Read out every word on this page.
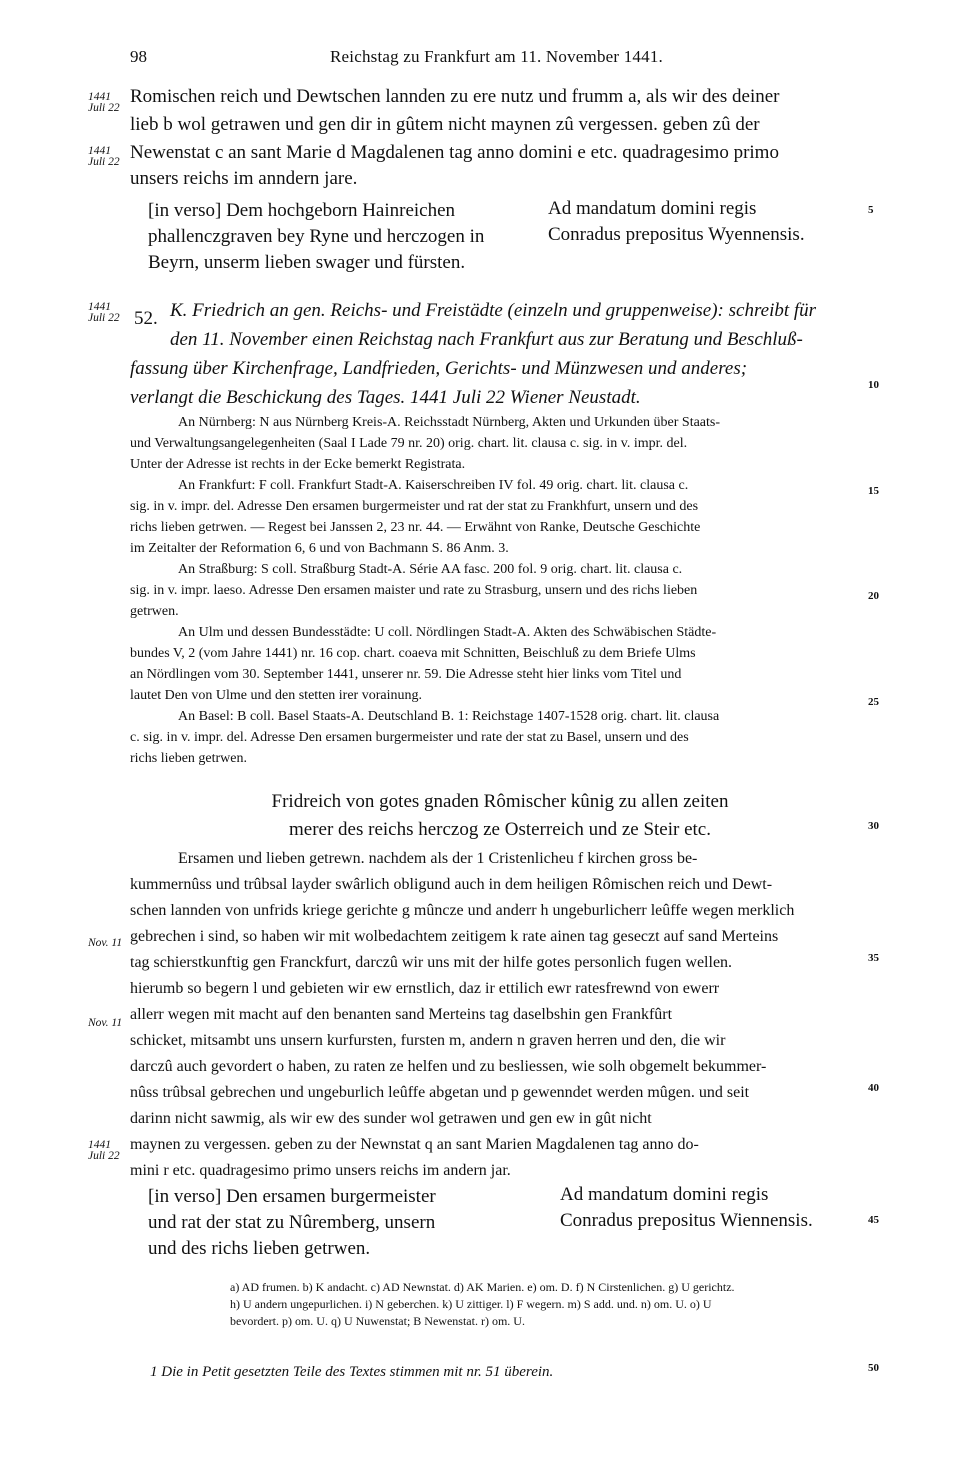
98	Reichstag zu Frankfurt am 11. November 1441.
Romischen reich und Dewtschen lannden zu ere nutz und frumm a, als wir des deiner
lieb b wol getrawen und gen dir in gûtem nicht maynen zû vergessen. geben zû der
Newenstat c an sant Marie d Magdalenen tag anno domini e etc. quadragesimo primo
unsers reichs im anndern jare.
1441
Juli 22
1441
Juli 22
[in verso] Dem hochgeborn Hainreichen
phallenczgraven bey Ryne und herczogen in
Beyrn, unserm lieben swager und fürsten.
Ad mandatum domini regis
Conradus prepositus Wyennensis.
5
10
15
20
25
30
35
40
45
50
1441
Juli 22 52. K. Friedrich an gen. Reichs- und Freistädte (einzeln und gruppenweise): schreibt für
den 11. November einen Reichstag nach Frankfurt aus zur Beratung und Beschluß-
fassung über Kirchenfrage, Landfrieden, Gerichts- und Münzwesen und anderes;
verlangt die Beschickung des Tages. 1441 Juli 22 Wiener Neustadt.
An Nürnberg: N aus Nürnberg Kreis-A. Reichsstadt Nürnberg, Akten und Urkunden über Staats-
und Verwaltungsangelegenheiten (Saal I Lade 79 nr. 20) orig. chart. lit. clausa c. sig. in v. impr. del.
Unter der Adresse ist rechts in der Ecke bemerkt Registrata.
An Frankfurt: F coll. Frankfurt Stadt-A. Kaiserschreiben IV fol. 49 orig. chart. lit. clausa c.
sig. in v. impr. del. Adresse Den ersamen burgermeister und rat der stat zu Frankhfurt, unsern und des
richs lieben getrwen. — Regest bei Janssen 2, 23 nr. 44. — Erwähnt von Ranke, Deutsche Geschichte
im Zeitalter der Reformation 6, 6 und von Bachmann S. 86 Anm. 3.
An Straßburg: S coll. Straßburg Stadt-A. Série AA fasc. 200 fol. 9 orig. chart. lit. clausa c.
sig. in v. impr. laeso. Adresse Den ersamen maister und rate zu Strasburg, unsern und des richs lieben
getrwen.
An Ulm und dessen Bundesstädte: U coll. Nördlingen Stadt-A. Akten des Schwäbischen Städte-
bundes V, 2 (vom Jahre 1441) nr. 16 cop. chart. coaeva mit Schnitten, Beischluß zu dem Briefe Ulms
an Nördlingen vom 30. September 1441, unserer nr. 59. Die Adresse steht hier links vom Titel und
lautet Den von Ulme und den stetten irer vorainung.
An Basel: B coll. Basel Staats-A. Deutschland B. 1: Reichstage 1407-1528 orig. chart. lit. clausa
c. sig. in v. impr. del. Adresse Den ersamen burgermeister und rate der stat zu Basel, unsern und des
richs lieben getrwen.
Fridreich von gotes gnaden Rômischer kûnig zu allen zeiten
merer des reichs herczog ze Osterreich und ze Steir etc.
Nov. 11
Nov. 11
1441
Juli 22
Ersamen und lieben getrewn. nachdem als der 1 Cristenlicheu f kirchen gross be-
kummernûss und trûbsal layder swârlich obligund auch in dem heiligen Rômischen reich und Dewt-
schen lannden von unfrids kriege gerichte g mûncze und anderr h ungeburlicherr leûffe wegen merklich
gebrechen i sind, so haben wir mit wolbedachtem zeitigem k rate ainen tag geseczt auf sand Merteins
tag schierstkunftig gen Franckfurt, darczû wir uns mit der hilfe gotes personlich fugen wellen.
hierumb so begern l und gebieten wir ew ernstlich, daz ir ettilich ewr ratesfrewnd von ewerr
allerr wegen mit macht auf den benanten sand Merteins tag daselbshin gen Frankfûrt
schicket, mitsambt uns unsern kurfursten, fursten m, andern n graven herren und den, die wir
darczû auch gevordert o haben, zu raten ze helfen und zu besliessen, wie solh obgemelt bekummer-
nûss trûbsal gebrechen und ungeburlich leûffe abgetan und p gewenndet werden mûgen. und seit
darinn nicht sawmig, als wir ew des sunder wol getrawen und gen ew in gût nicht
maynen zu vergessen. geben zu der Newnstat q an sant Marien Magdalenen tag anno do-
mini r etc. quadragesimo primo unsers reichs im andern jar.
[in verso] Den ersamen burgermeister
und rat der stat zu Nûremberg, unsern
und des richs lieben getrwen.
Ad mandatum domini regis
Conradus prepositus Wiennensis.
a) AD frumen. b) K andacht. c) AD Newnstat. d) AK Marien. e) om. D. f) N Cirstenlichen. g) U gerichtz.
h) U andern ungepurlichen. i) N geberchen. k) U zittiger. l) F wegern. m) S add. und. n) om. U. o) U
bevordert. p) om. U. q) U Nuwenstat; B Newenstat. r) om. U.
1 Die in Petit gesetzten Teile des Textes stimmen mit nr. 51 überein.
